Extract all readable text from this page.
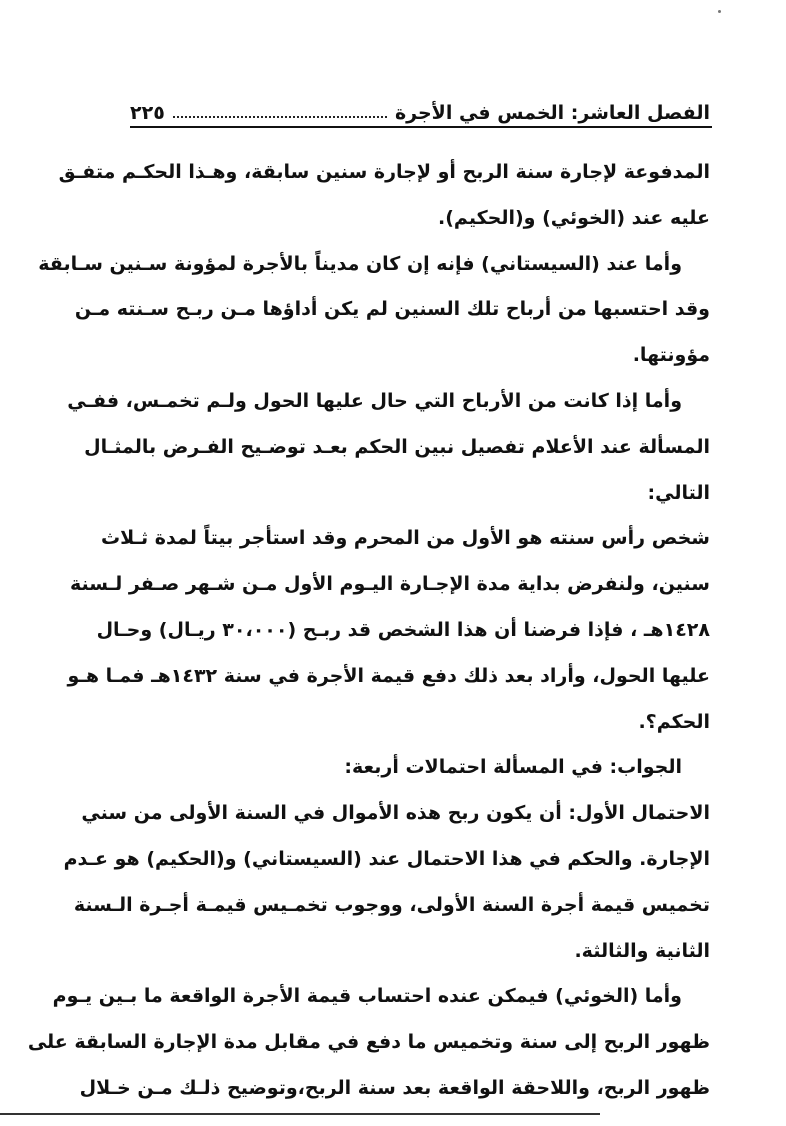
الفصل العاشر: الخمس في الأجرة
٢٢٥
المدفوعة لإجارة سنة الربح أو لإجارة سنين سابقة، وهـذا الحكـم متفـق
عليه عند (الخوئي) و(الحكيم).
وأما عند (السيستاني) فإنه إن كان مديناً بالأجرة لمؤونة سـنين سـابقة
وقد احتسبها من أرباح تلك السنين لم يكن أداؤها مـن ربـح سـنته مـن
مؤونتها.
وأما إذا كانت من الأرباح التي حال عليها الحول ولـم تخمـس، ففـي
المسألة عند الأعلام تفصيل نبين الحكم بعـد توضـيح الفـرض بالمثـال
التالي:
شخص رأس سنته هو الأول من المحرم وقد استأجر بيتاً لمدة ثـلاث
سنين، ولنفرض بداية مدة الإجـارة اليـوم الأول مـن شـهر صـفر لـسنة
١٤٢٨هـ ، فإذا فرضنا أن هذا الشخص قد ربـح (٣٠،٠٠٠ ريـال) وحـال
عليها الحول، وأراد بعد ذلك دفع قيمة الأجرة في سنة ١٤٣٢هـ فمـا هـو
الحكم؟.
الجواب: في المسألة احتمالات أربعة:
الاحتمال الأول: أن يكون ربح هذه الأموال في السنة الأولى من سني
الإجارة. والحكم في هذا الاحتمال عند (السيستاني) و(الحكيم) هو عـدم
تخميس قيمة أجرة السنة الأولى، ووجوب تخمـيس قيمـة أجـرة الـسنة
الثانية والثالثة.
وأما (الخوئي) فيمكن عنده احتساب قيمة الأجرة الواقعة ما بـين يـوم
ظهور الربح إلى سنة وتخميس ما دفع في مقابل مدة الإجارة السابقة على
ظهور الربح، واللاحقة الواقعة بعد سنة الربح،وتوضيح ذلـك مـن خـلال
